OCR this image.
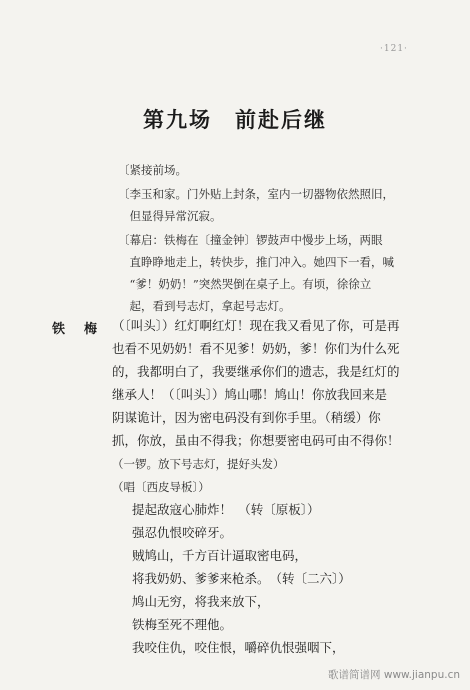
·121·
第九场　前赴后继
〔紧接前场。
〔李玉和家。门外贴上封条，室内一切器物依然照旧，
　但显得异常沉寂。
〔幕启：铁梅在〔撞金钟〕锣鼓声中慢步上场，两眼
　直睁睁地走上，转快步，推门冲入。她四下一看，喊
　“爹！奶奶！”突然哭倒在桌子上。有顷，徐徐立
　起，看到号志灯，拿起号志灯。
铁　梅 （〔叫头〕）红灯啊红灯！现在我又看见了你，可是再
也看不见奶奶！看不见爹！奶奶，爹！你们为什么死
的，我都明白了，我要继承你们的遗志，我是红灯的
继承人！（〔叫头〕）鸠山哪！鸠山！你放我回来是
阴谋诡计，因为密电码没有到你手里。（稍缓）你
抓，你放，虽由不得我；你想要密电码可由不得你！
（一锣。放下号志灯，提好头发）
（唱〔西皮导板〕）
提起敌寇心肺炸！　（转〔原板〕）
强忍仇恨咬碎牙。
贼鸠山，千方百计逼取密电码，
将我奶奶、爹爹来枪杀。　（转〔二六〕）
鸠山无穷，将我来放下，
铁梅至死不理他。
我咬住仇，咬住恨，嚼碎仇恨强咽下，
歌谱简谱网 www.jianpu.cn
